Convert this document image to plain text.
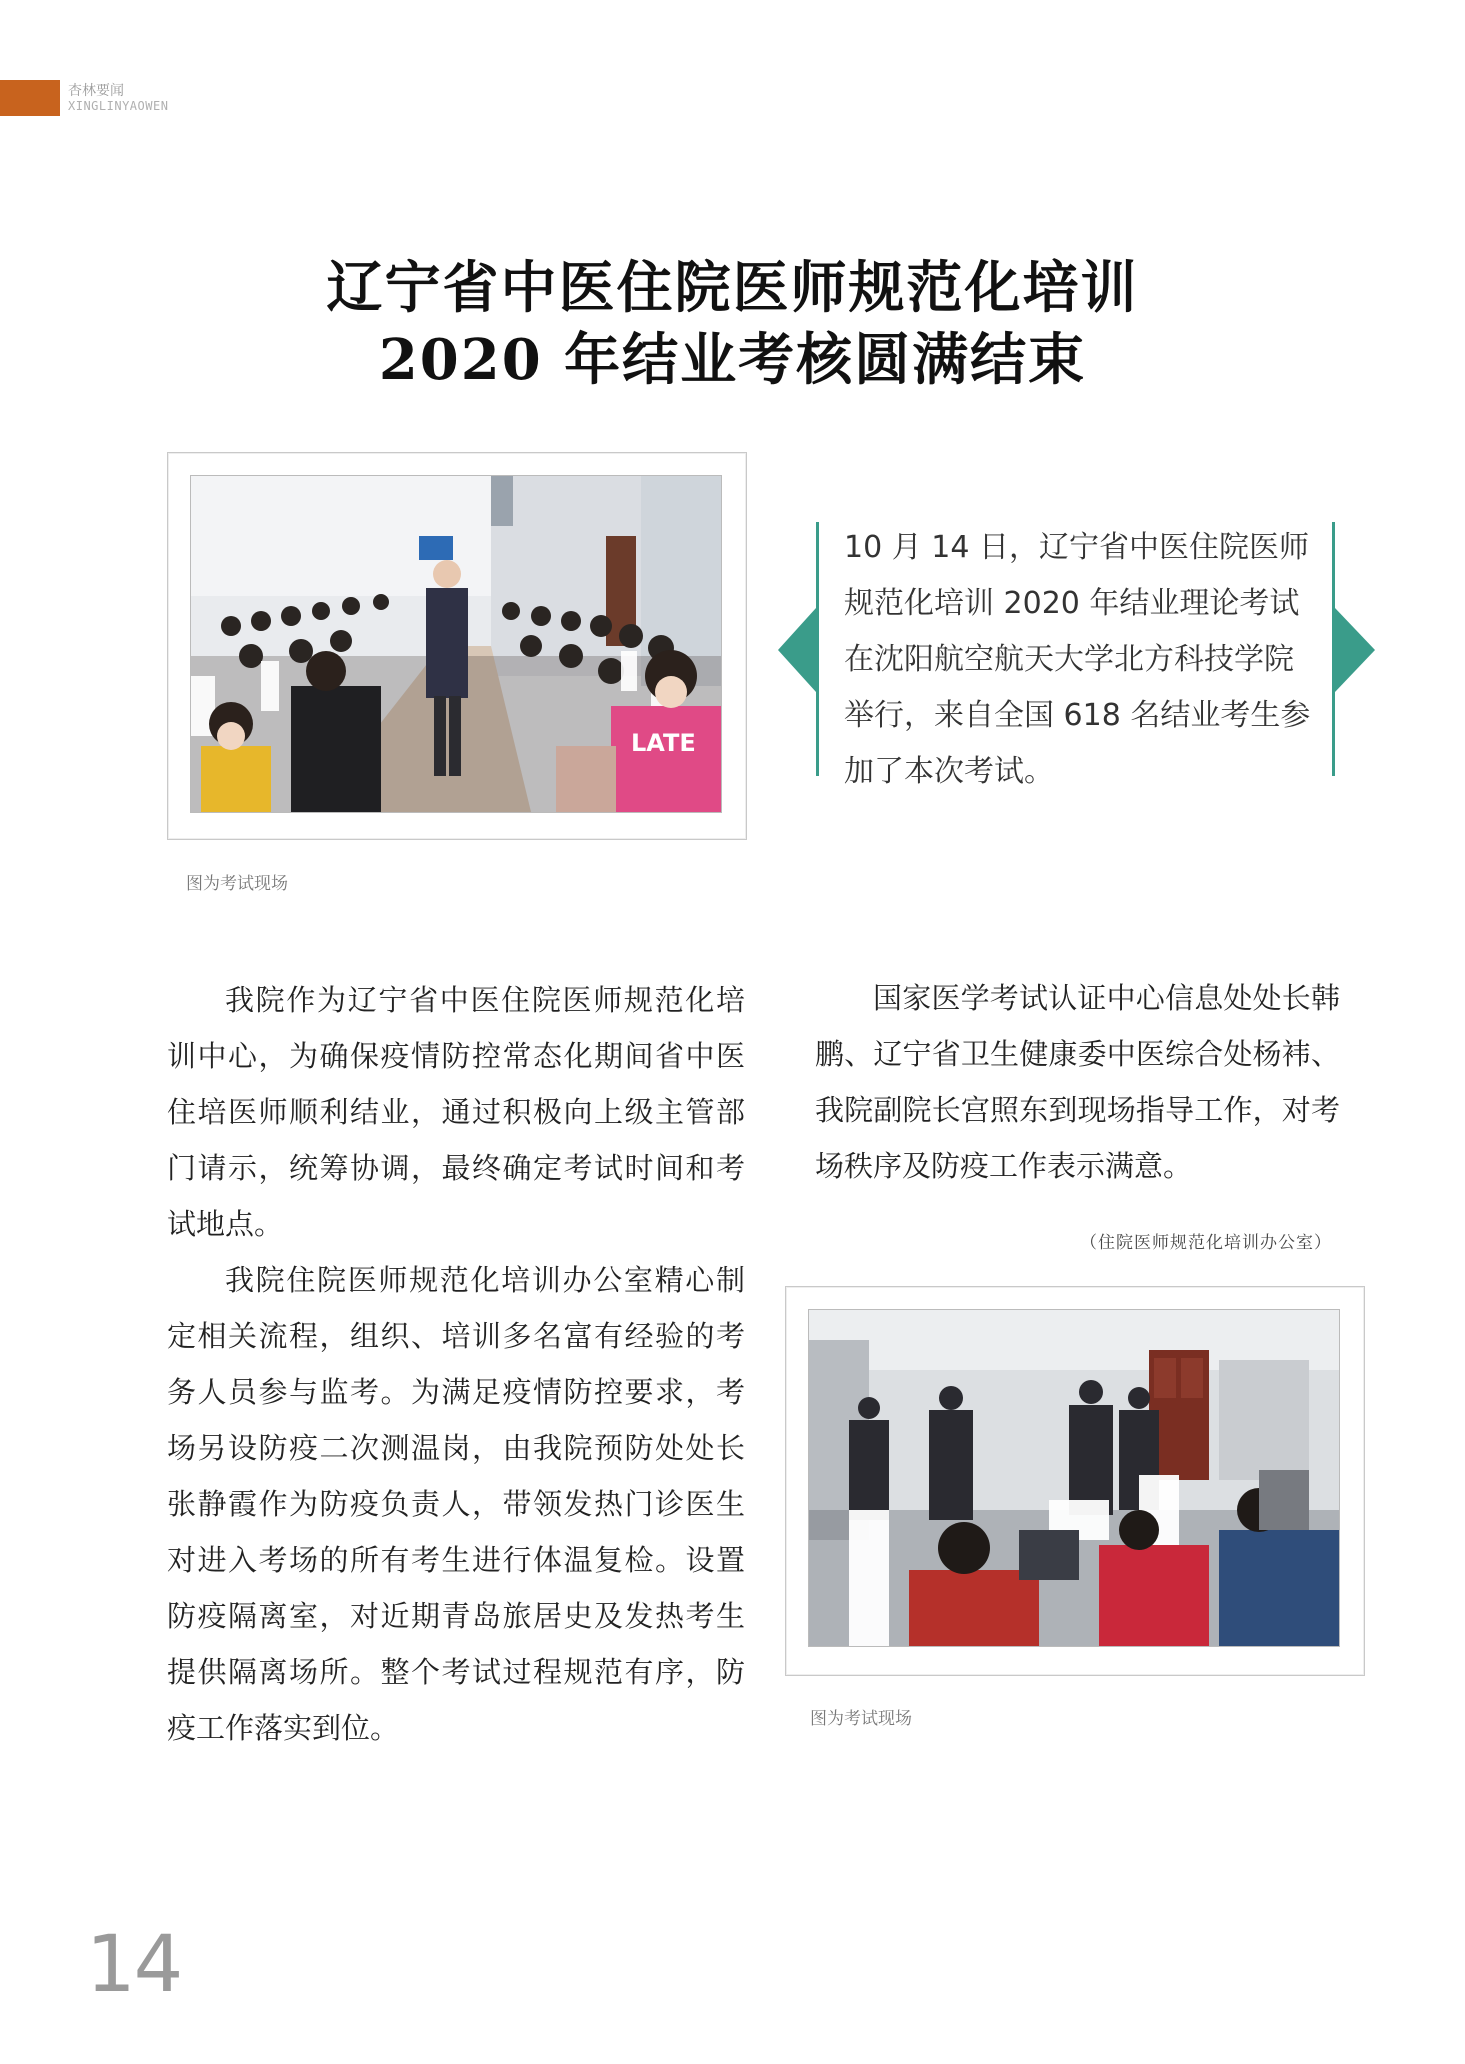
杏林要闻
XINGLINYAOWEN
辽宁省中医住院医师规范化培训
2020 年结业考核圆满结束
LATE
图为考试现场
10 月 14 日，辽宁省中医住院医师规范化培训 2020 年结业理论考试在沈阳航空航天大学北方科技学院举行，来自全国 618 名结业考生参加了本次考试。

我院作为辽宁省中医住院医师规范化培训中心，为确保疫情防控常态化期间省中医住培医师顺利结业，通过积极向上级主管部门请示，统筹协调，最终确定考试时间和考试地点。

我院住院医师规范化培训办公室精心制定相关流程，组织、培训多名富有经验的考务人员参与监考。为满足疫情防控要求，考场另设防疫二次测温岗，由我院预防处处长张静霞作为防疫负责人，带领发热门诊医生对进入考场的所有考生进行体温复检。设置防疫隔离室，对近期青岛旅居史及发热考生提供隔离场所。整个考试过程规范有序，防疫工作落实到位。

国家医学考试认证中心信息处处长韩鹏、辽宁省卫生健康委中医综合处杨袆、我院副院长宫照东到现场指导工作，对考场秩序及防疫工作表示满意。

（住院医师规范化培训办公室）
图为考试现场
14
